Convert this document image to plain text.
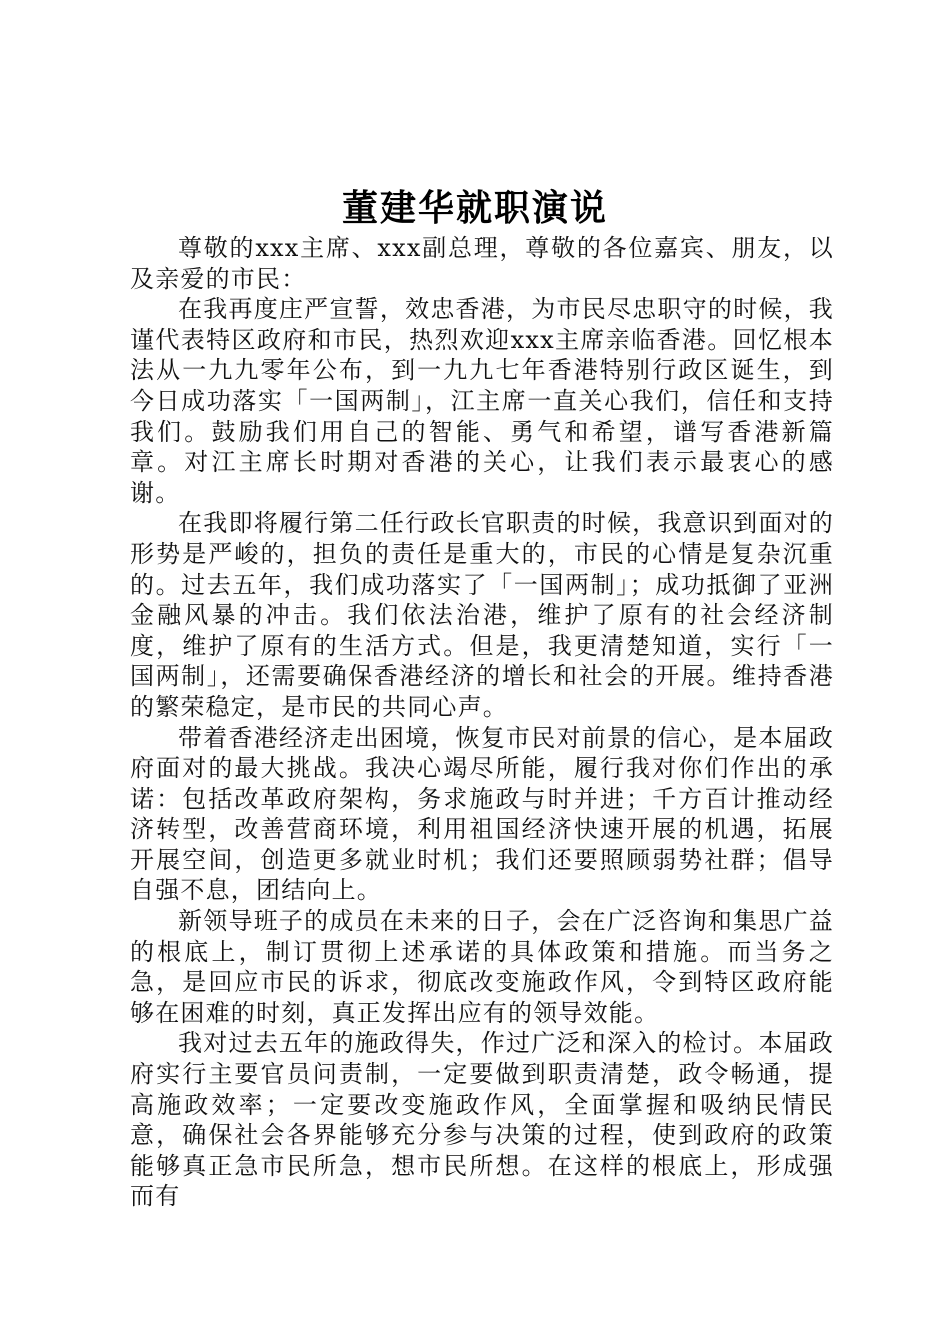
董建华就职演说

尊敬的xxx主席、xxx副总理，尊敬的各位嘉宾、朋友，以及亲爱的市民：

在我再度庄严宣誓，效忠香港，为市民尽忠职守的时候，我谨代表特区政府和市民，热烈欢迎xxx主席亲临香港。回忆根本法从一九九零年公布，到一九九七年香港特别行政区诞生，到今日成功落实「一国两制」，江主席一直关心我们，信任和支持我们。鼓励我们用自己的智能、勇气和希望，谱写香港新篇章。对江主席长时期对香港的关心，让我们表示最衷心的感谢。

在我即将履行第二任行政长官职责的时候，我意识到面对的形势是严峻的，担负的责任是重大的，市民的心情是复杂沉重的。过去五年，我们成功落实了「一国两制」；成功抵御了亚洲金融风暴的冲击。我们依法治港，维护了原有的社会经济制度，维护了原有的生活方式。但是，我更清楚知道，实行「一国两制」，还需要确保香港经济的增长和社会的开展。维持香港的繁荣稳定，是市民的共同心声。

带着香港经济走出困境，恢复市民对前景的信心，是本届政府面对的最大挑战。我决心竭尽所能，履行我对你们作出的承诺：包括改革政府架构，务求施政与时并进；千方百计推动经济转型，改善营商环境，利用祖国经济快速开展的机遇，拓展开展空间，创造更多就业时机；我们还要照顾弱势社群；倡导自强不息，团结向上。

新领导班子的成员在未来的日子，会在广泛咨询和集思广益的根底上，制订贯彻上述承诺的具体政策和措施。而当务之急，是回应市民的诉求，彻底改变施政作风，令到特区政府能够在困难的时刻，真正发挥出应有的领导效能。

我对过去五年的施政得失，作过广泛和深入的检讨。本届政府实行主要官员问责制，一定要做到职责清楚，政令畅通，提高施政效率；一定要改变施政作风，全面掌握和吸纳民情民意，确保社会各界能够充分参与决策的过程，使到政府的政策能够真正急市民所急，想市民所想。在这样的根底上，形成强而有
